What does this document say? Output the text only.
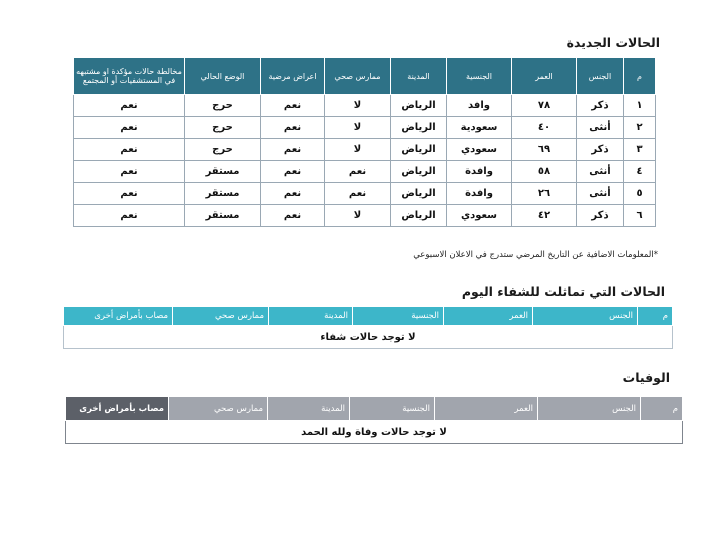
الحالات الجديدة
م	الجنس	العمر	الجنسية	المدينة	ممارس صحي	اعراض مرضية	الوضع الحالي	مخالطة حالات مؤكدة او مشتبهه في المستشفيات أو المجتمع
١	ذكر	٧٨	وافد	الرياض	لا	نعم	حرج	نعم
٢	أنثى	٤٠	سعودية	الرياض	لا	نعم	حرج	نعم
٣	ذكر	٦٩	سعودي	الرياض	لا	نعم	حرج	نعم
٤	أنثى	٥٨	وافدة	الرياض	نعم	نعم	مستقر	نعم
٥	أنثى	٢٦	وافدة	الرياض	نعم	نعم	مستقر	نعم
٦	ذكر	٤٢	سعودي	الرياض	لا	نعم	مستقر	نعم
*المعلومات الاضافية عن التاريخ المرضي ستدرج في الاعلان الاسبوعي
الحالات التي تماثلت للشفاء اليوم
م	الجنس	العمر	الجنسية	المدينة	ممارس صحي	مصاب بأمراض أخرى
لا توجد حالات شفاء
الوفيات
م	الجنس	العمر	الجنسية	المدينة	ممارس صحي	مصاب بأمراض أخرى
لا توجد حالات وفاة ولله الحمد
